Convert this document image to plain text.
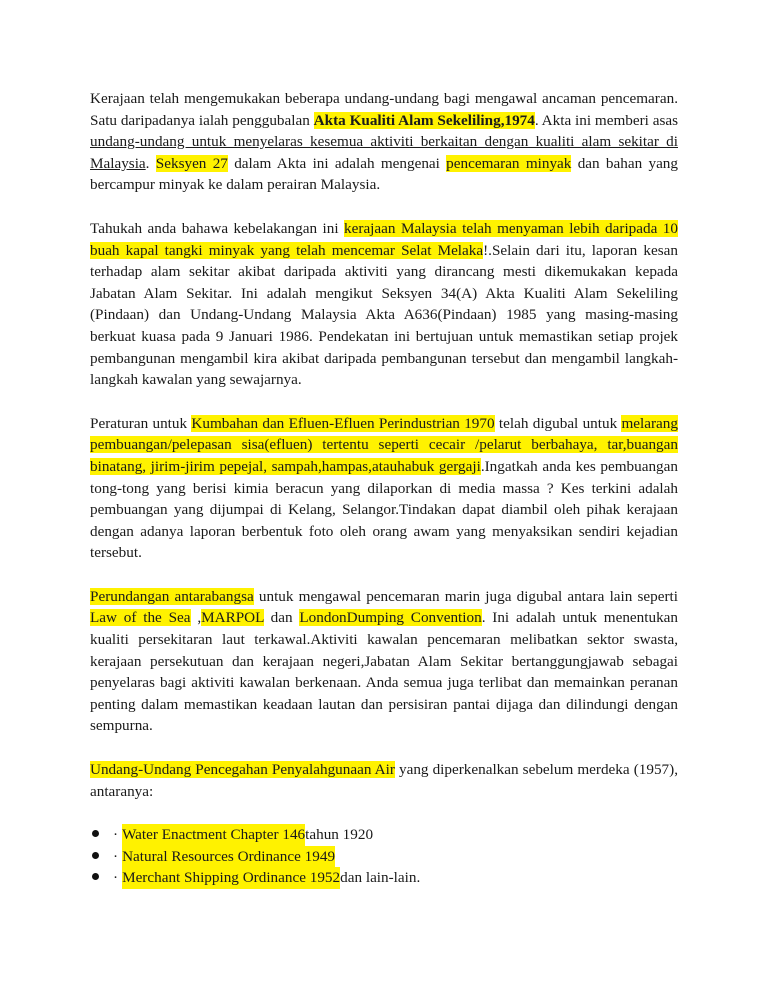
Kerajaan telah mengemukakan beberapa undang-undang bagi mengawal ancaman pencemaran. Satu daripadanya ialah penggubalan Akta Kualiti Alam Sekeliling,1974. Akta ini memberi asas undang-undang untuk menyelaras kesemua aktiviti berkaitan dengan kualiti alam sekitar di Malaysia. Seksyen 27 dalam Akta ini adalah mengenai pencemaran minyak dan bahan yang bercampur minyak ke dalam perairan Malaysia.

Tahukah anda bahawa kebelakangan ini kerajaan Malaysia telah menyaman lebih daripada 10 buah kapal tangki minyak yang telah mencemar Selat Melaka!.Selain dari itu, laporan kesan terhadap alam sekitar akibat daripada aktiviti yang dirancang mesti dikemukakan kepada Jabatan Alam Sekitar. Ini adalah mengikut Seksyen 34(A) Akta Kualiti Alam Sekeliling (Pindaan) dan Undang-Undang Malaysia Akta A636(Pindaan) 1985 yang masing-masing berkuat kuasa pada 9 Januari 1986. Pendekatan ini bertujuan untuk memastikan setiap projek pembangunan mengambil kira akibat daripada pembangunan tersebut dan mengambil langkah-langkah kawalan yang sewajarnya.

Peraturan untuk Kumbahan dan Efluen-Efluen Perindustrian 1970 telah digubal untuk melarang pembuangan/pelepasan sisa(efluen) tertentu seperti cecair /pelarut berbahaya, tar,buangan binatang, jirim-jirim pepejal, sampah,hampas,atauhabuk gergaji.Ingatkah anda kes pembuangan tong-tong yang berisi kimia beracun yang dilaporkan di media massa ? Kes terkini adalah pembuangan yang dijumpai di Kelang, Selangor.Tindakan dapat diambil oleh pihak kerajaan dengan adanya laporan berbentuk foto oleh orang awam yang menyaksikan sendiri kejadian tersebut.

Perundangan antarabangsa untuk mengawal pencemaran marin juga digubal antara lain seperti Law of the Sea ,MARPOL dan LondonDumping Convention. Ini adalah untuk menentukan kualiti persekitaran laut terkawal.Aktiviti kawalan pencemaran melibatkan sektor swasta, kerajaan persekutuan dan kerajaan negeri,Jabatan Alam Sekitar bertanggungjawab sebagai penyelaras bagi aktiviti kawalan berkenaan. Anda semua juga terlibat dan memainkan peranan penting dalam memastikan keadaan lautan dan persisiran pantai dijaga dan dilindungi dengan sempurna.

Undang-Undang Pencegahan Penyalahgunaan Air yang diperkenalkan sebelum merdeka (1957), antaranya:

· Water Enactment Chapter 146 tahun 1920
· Natural Resources Ordinance 1949
· Merchant Shipping Ordinance 1952 dan lain-lain.
